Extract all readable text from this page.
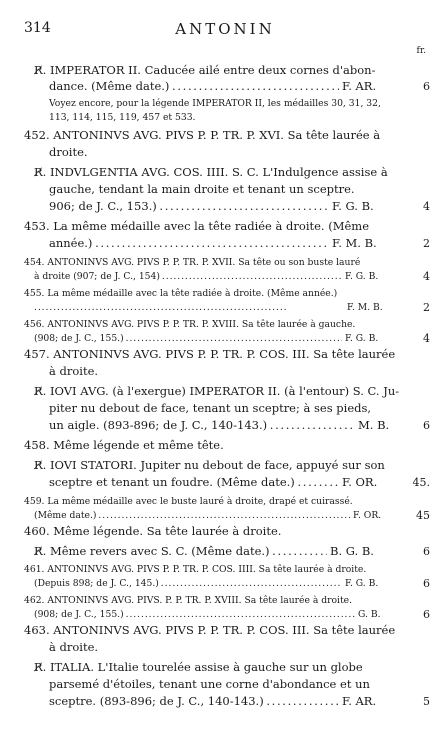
314	ANTONIN
fr.
R̸. IMPERATOR II. Caducée ailé entre deux cornes d'abon-
dance. (Même date.) . . .	F. AR.	6
Voyez encore, pour la légende IMPERATOR II, les médailles 30, 31, 32,
113, 114, 115, 119, 457 et 533.
452. ANTONINVS AVG. PIVS P. P. TR. P. XVI. Sa tête laurée à
droite.
R̸. INDVLGENTIA AVG. COS. IIII. S. C. L'Indulgence assise à
gauche, tendant la main droite et tenant un sceptre.
906; de J. C., 153.) . . .	F. G. B.	4
453. La même médaille avec la tête radiée à droite. (Même
année.) . . .	F. M. B.	2
454. ANTONINVS AVG. PIVS P. P. TR. P. XVII. Sa tête ou son buste lauré
à droite (907; de J. C., 154) . . .	F. G. B.	4
455. La même médaille avec la tête radiée à droite. (Même année.)
. . .
F. M. B.	2
456. ANTONINVS AVG. PIVS P. P. TR. P. XVIII. Sa tête laurée à gauche.
(908; de J. C., 155.) . . .	F. G. B.	4
457. ANTONINVS AVG. PIVS P. P. TR. P. COS. III. Sa tête laurée
à droite.
R̸. IOVI AVG. (à l'exergue) IMPERATOR II. (à l'entour) S. C. Ju-
piter nu debout de face, tenant un sceptre; à ses pieds,
un aigle. (893-896; de J. C., 140-143.) . . .	M. B.	6
458. Même légende et même tête.
R̸. IOVI STATORI. Jupiter nu debout de face, appuyé sur son
sceptre et tenant un foudre. (Même date.) . . .	F. OR.	45.
459. La même médaille avec le buste lauré à droite, drapé et cuirassé.
(Même date.) . . .	F. OR.	45
460. Même légende. Sa tête laurée à droite.
R̸. Même revers avec S. C. (Même date.) . . .	B. G. B.	6
461. ANTONINVS AVG. PIVS P. P. TR. P. COS. IIII. Sa tête laurée à droite.
(Depuis 898; de J. C., 145.) . . .	F. G. B.	6
462. ANTONINVS AVG. PIVS. P. P. TR. P. XVIII. Sa tête laurée à droite.
(908; de J. C., 155.) . . .	G. B.	6
463. ANTONINVS AVG. PIVS P. P. TR. P. COS. III. Sa tête laurée
à droite.
R̸. ITALIA. L'Italie tourelée assise à gauche sur un globe
parsemé d'étoiles, tenant une corne d'abondance et un
sceptre. (893-896; de J. C., 140-143.) . . .	F. AR.	5
